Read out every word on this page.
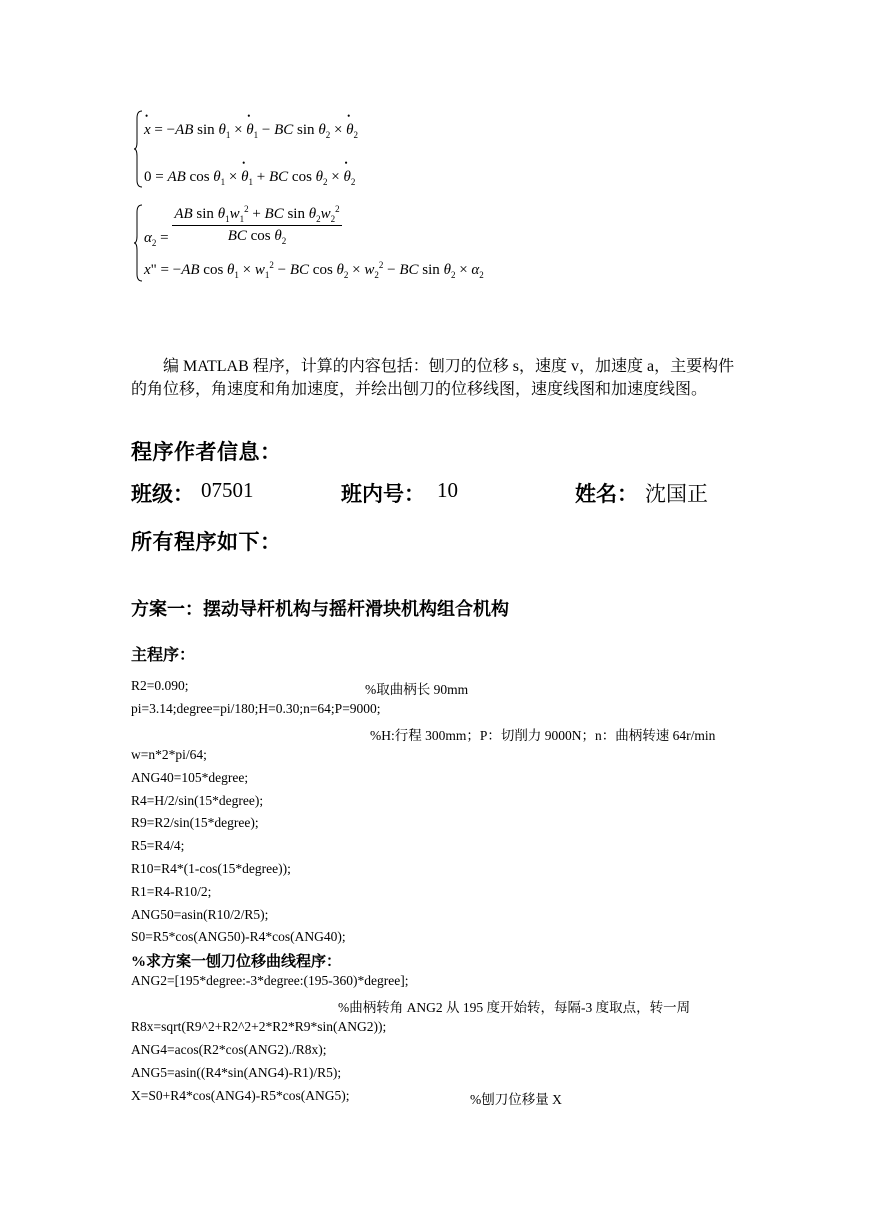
• x = −AB $\sin \theta_1$ × • $\theta_1$ − BC $\sin \theta_2$ × • $\theta_2$
0 = AB $\cos \theta_1$ × • $\theta_1$ + BC $\cos \theta_2$ × • $\theta_2$
$\alpha_2 = \frac{AB \sin \theta_1w_1^2 + BC \sin \theta_2w_2^2}{BC \cos \theta_2}$
x" = −AB $\cos \theta_1 \times w_1^2$ − BC $\cos \theta_2 \times w_2^2$ − BC $\sin \theta_2 \times \alpha_2$
编 MATLAB 程序，计算的内容包括：刨刀的位移 s，速度 v，加速度 a，主要构件的角位移，角速度和角加速度，并绘出刨刀的位移线图，速度线图和加速度线图。
程序作者信息：
班级： 07501	班内号： 10	姓名： 沈国正
所有程序如下：
方案一：摆动导杆机构与摇杆滑块机构组合机构
主程序：
R2=0.090;	%取曲柄长 90mm
pi=3.14;degree=pi/180;H=0.30;n=64;P=9000;
%H:行程 300mm；P：切削力 9000N；n：曲柄转速 64r/min
w=n*2*pi/64;
ANG40=105*degree;
R4=H/2/sin(15*degree);
R9=R2/sin(15*degree);
R5=R4/4;
R10=R4*(1-cos(15*degree));
R1=R4-R10/2;
ANG50=asin(R10/2/R5);
S0=R5*cos(ANG50)-R4*cos(ANG40);
%求方案一刨刀位移曲线程序：
ANG2=[195*degree:-3*degree:(195-360)*degree];
%曲柄转角 ANG2 从 195 度开始转，每隔-3 度取点，转一周
R8x=sqrt(R9^2+R2^2+2*R2*R9*sin(ANG2));
ANG4=acos(R2*cos(ANG2)./R8x);
ANG5=asin((R4*sin(ANG4)-R1)/R5);
X=S0+R4*cos(ANG4)-R5*cos(ANG5);	%刨刀位移量 X
